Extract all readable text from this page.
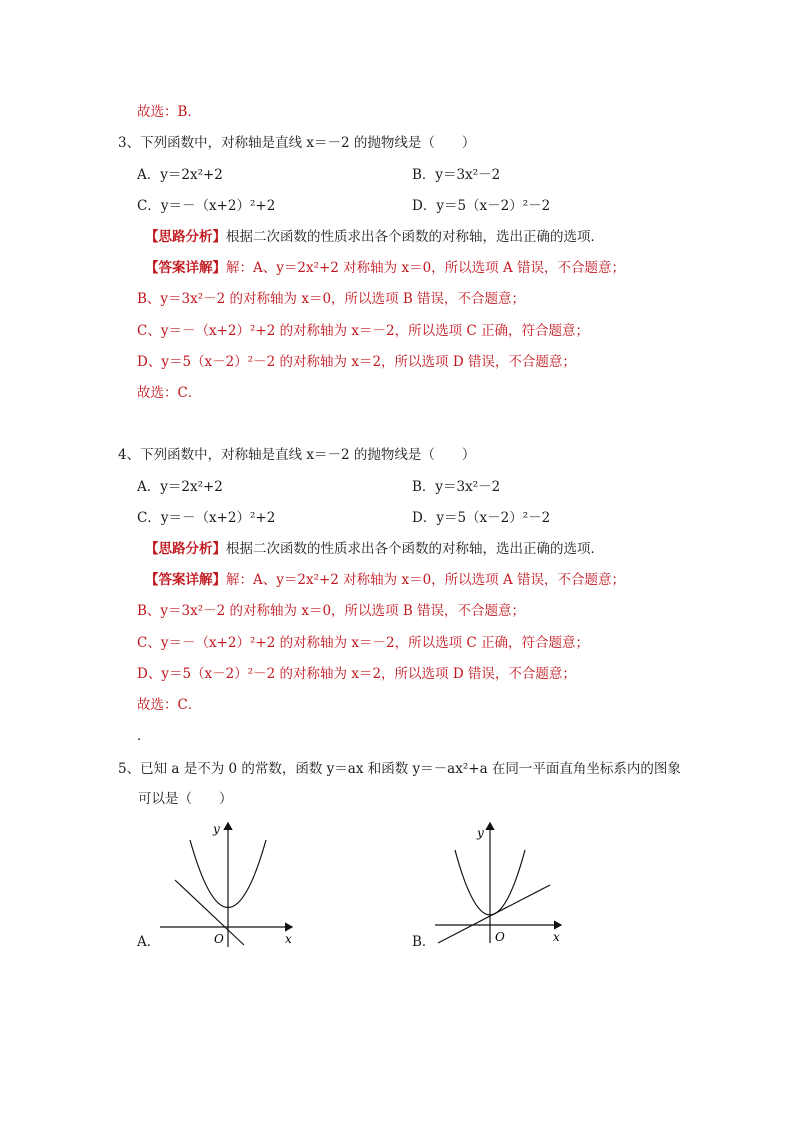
故选：B．
3、下列函数中，对称轴是直线 x＝－2 的抛物线是（　　）
A．y＝2x²+2	B．y＝3x²－2
C．y＝－（x+2）²+2	D．y＝5（x－2）²－2
【思路分析】根据二次函数的性质求出各个函数的对称轴，选出正确的选项．
【答案详解】解：A、y＝2x²+2 对称轴为 x＝0，所以选项 A 错误，不合题意；
B、y＝3x²－2 的对称轴为 x＝0，所以选项 B 错误，不合题意；
C、y＝－（x+2）²+2 的对称轴为 x＝－2，所以选项 C 正确，符合题意；
D、y＝5（x－2）²－2 的对称轴为 x＝2，所以选项 D 错误，不合题意；
故选：C．
4、下列函数中，对称轴是直线 x＝－2 的抛物线是（　　）
A．y＝2x²+2	B．y＝3x²－2
C．y＝－（x+2）²+2	D．y＝5（x－2）²－2
【思路分析】根据二次函数的性质求出各个函数的对称轴，选出正确的选项．
【答案详解】解：A、y＝2x²+2 对称轴为 x＝0，所以选项 A 错误，不合题意；
B、y＝3x²－2 的对称轴为 x＝0，所以选项 B 错误，不合题意；
C、y＝－（x+2）²+2 的对称轴为 x＝－2，所以选项 C 正确，符合题意；
D、y＝5（x－2）²－2 的对称轴为 x＝2，所以选项 D 错误，不合题意；
故选：C．
．
5、已知 a 是不为 0 的常数，函数 y＝ax 和函数 y＝－ax²+a 在同一平面直角坐标系内的图象
可以是（　　）
A．	O	x
y
B．	O	x
y
